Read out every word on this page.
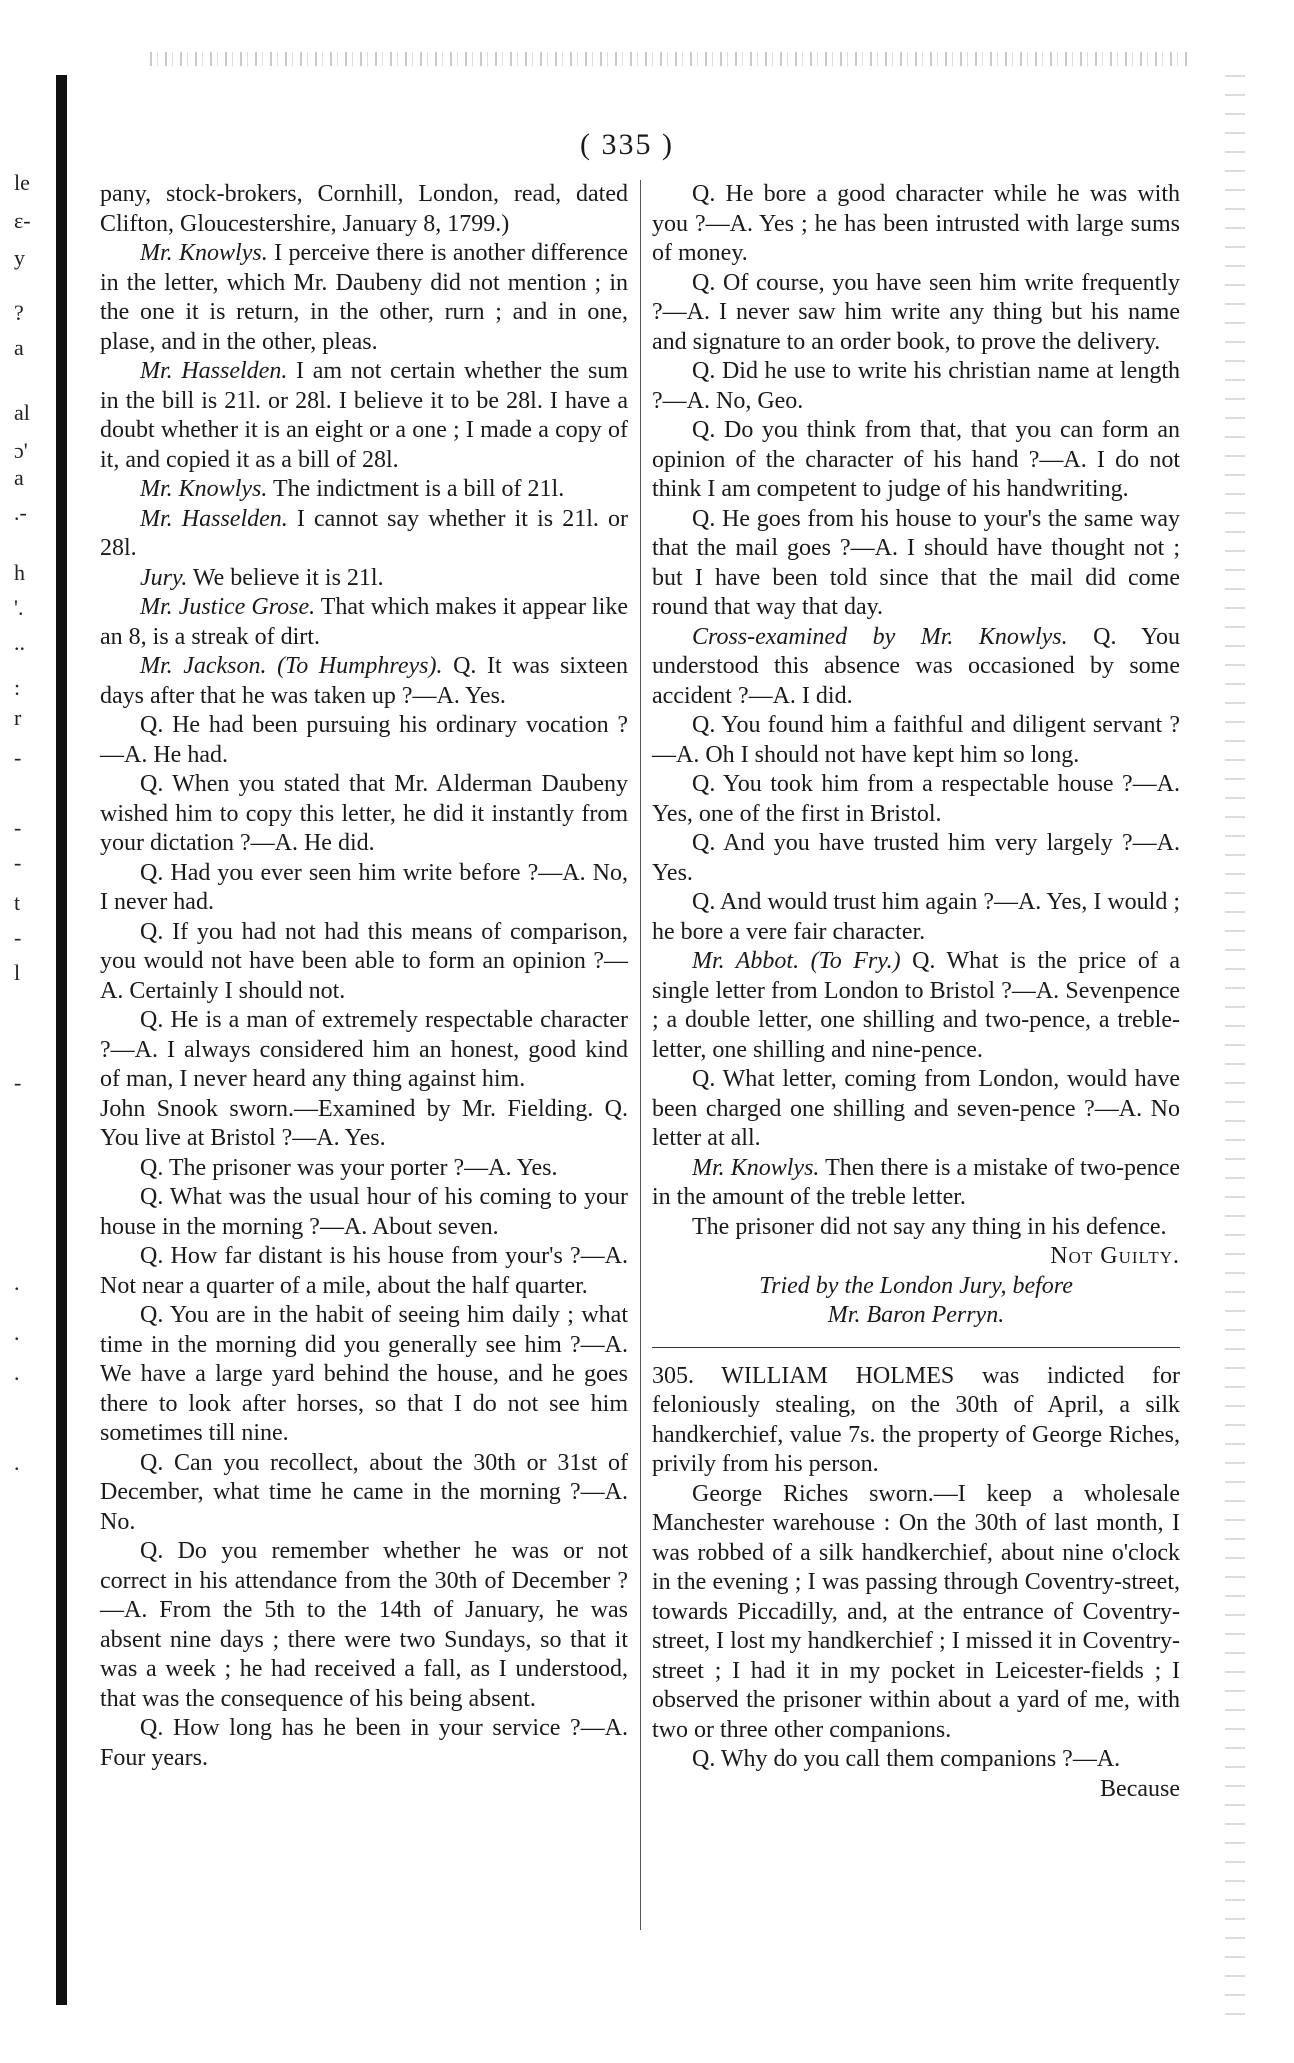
le
ɛ-
y
?
a
al
ɔ'
a
.-
h
'.
..
:
r
-
-
-
t
-
l
-
.
.
.
.
( 335 )

pany, stock-brokers, Cornhill, London, read, dated Clifton, Gloucestershire, January 8, 1799.)

Mr. Knowlys. I perceive there is another difference in the letter, which Mr. Daubeny did not mention ; in the one it is return, in the other, rurn ; and in one, plase, and in the other, pleas.

Mr. Hasselden. I am not certain whether the sum in the bill is 21l. or 28l. I believe it to be 28l. I have a doubt whether it is an eight or a one ; I made a copy of it, and copied it as a bill of 28l.

Mr. Knowlys. The indictment is a bill of 21l.

Mr. Hasselden. I cannot say whether it is 21l. or 28l.

Jury. We believe it is 21l.

Mr. Justice Grose. That which makes it appear like an 8, is a streak of dirt.

Mr. Jackson. (To Humphreys). Q. It was sixteen days after that he was taken up ?—A. Yes.

Q. He had been pursuing his ordinary vocation ?—A. He had.

Q. When you stated that Mr. Alderman Daubeny wished him to copy this letter, he did it instantly from your dictation ?—A. He did.

Q. Had you ever seen him write before ?—A. No, I never had.

Q. If you had not had this means of comparison, you would not have been able to form an opinion ?—A. Certainly I should not.

Q. He is a man of extremely respectable character ?—A. I always considered him an honest, good kind of man, I never heard any thing against him.

John Snook sworn.—Examined by Mr. Fielding. Q. You live at Bristol ?—A. Yes.

Q. The prisoner was your porter ?—A. Yes.

Q. What was the usual hour of his coming to your house in the morning ?—A. About seven.

Q. How far distant is his house from your's ?—A. Not near a quarter of a mile, about the half quarter.

Q. You are in the habit of seeing him daily ; what time in the morning did you generally see him ?—A. We have a large yard behind the house, and he goes there to look after horses, so that I do not see him sometimes till nine.

Q. Can you recollect, about the 30th or 31st of December, what time he came in the morning ?—A. No.

Q. Do you remember whether he was or not correct in his attendance from the 30th of December ?—A. From the 5th to the 14th of January, he was absent nine days ; there were two Sundays, so that it was a week ; he had received a fall, as I understood, that was the consequence of his being absent.

Q. How long has he been in your service ?—A. Four years.

Q. He bore a good character while he was with you ?—A. Yes ; he has been intrusted with large sums of money.

Q. Of course, you have seen him write frequently ?—A. I never saw him write any thing but his name and signature to an order book, to prove the delivery.

Q. Did he use to write his christian name at length ?—A. No, Geo.

Q. Do you think from that, that you can form an opinion of the character of his hand ?—A. I do not think I am competent to judge of his handwriting.

Q. He goes from his house to your's the same way that the mail goes ?—A. I should have thought not ; but I have been told since that the mail did come round that way that day.

Cross-examined by Mr. Knowlys. Q. You understood this absence was occasioned by some accident ?—A. I did.

Q. You found him a faithful and diligent servant ?—A. Oh I should not have kept him so long.

Q. You took him from a respectable house ?—A. Yes, one of the first in Bristol.

Q. And you have trusted him very largely ?—A. Yes.

Q. And would trust him again ?—A. Yes, I would ; he bore a vere fair character.

Mr. Abbot. (To Fry.) Q. What is the price of a single letter from London to Bristol ?—A. Sevenpence ; a double letter, one shilling and two-pence, a treble-letter, one shilling and nine-pence.

Q. What letter, coming from London, would have been charged one shilling and seven-pence ?—A. No letter at all.

Mr. Knowlys. Then there is a mistake of two-pence in the amount of the treble letter.

The prisoner did not say any thing in his defence.

Not Guilty.

Tried by the London Jury, before

Mr. Baron Perryn.

305. WILLIAM HOLMES was indicted for feloniously stealing, on the 30th of April, a silk handkerchief, value 7s. the property of George Riches, privily from his person.

George Riches sworn.—I keep a wholesale Manchester warehouse : On the 30th of last month, I was robbed of a silk handkerchief, about nine o'clock in the evening ; I was passing through Coventry-street, towards Piccadilly, and, at the entrance of Coventry-street, I lost my handkerchief ; I missed it in Coventry-street ; I had it in my pocket in Leicester-fields ; I observed the prisoner within about a yard of me, with two or three other companions.

Q. Why do you call them companions ?—A.

Because
